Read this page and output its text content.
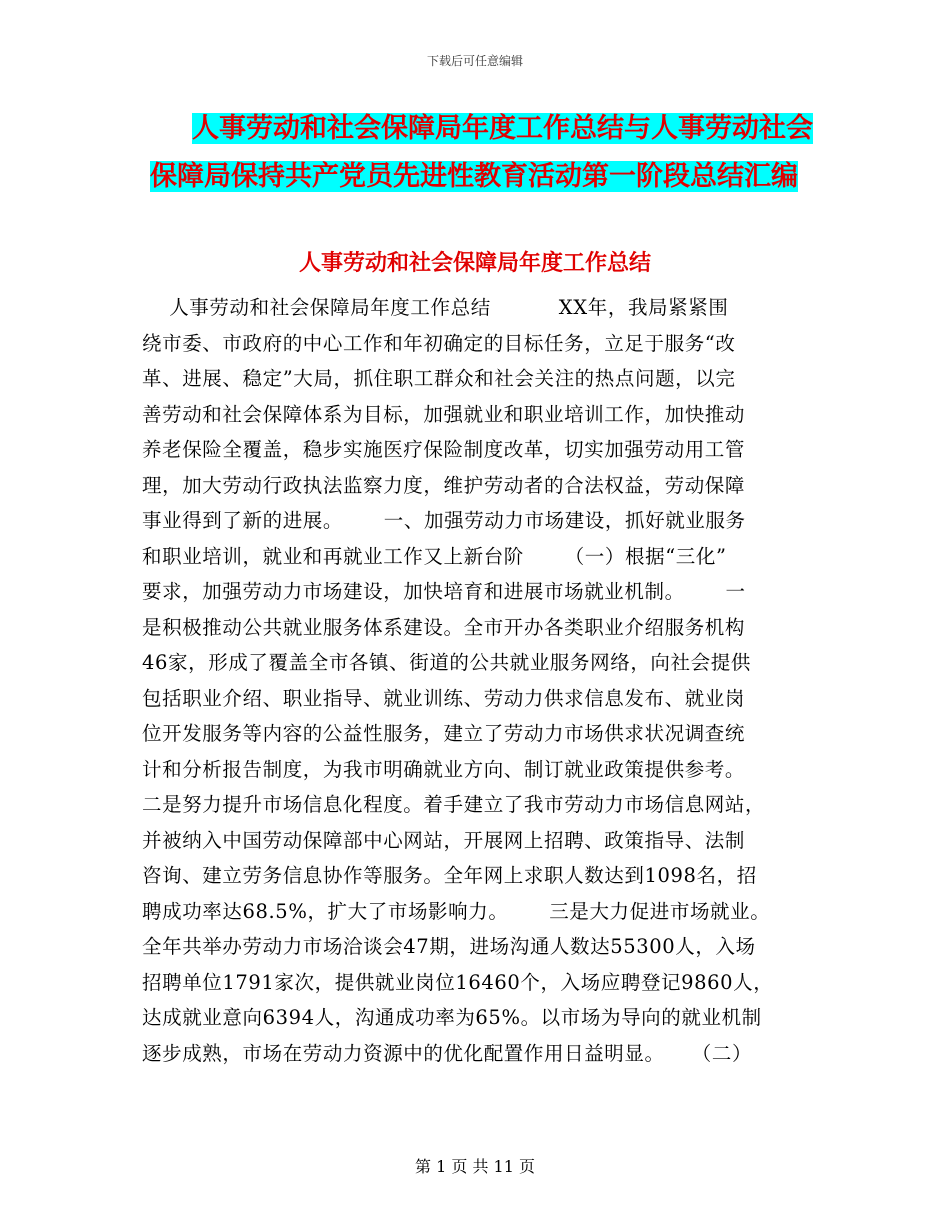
下载后可任意编辑
人事劳动和社会保障局年度工作总结与人事劳动社会
保障局保持共产党员先进性教育活动第一阶段总结汇编
人事劳动和社会保障局年度工作总结
人事劳动和社会保障局年度工作总结          XX年，我局紧紧围
绕市委、市政府的中心工作和年初确定的目标任务，立足于服务“改
革、进展、稳定”大局，抓住职工群众和社会关注的热点问题，以完
善劳动和社会保障体系为目标，加强就业和职业培训工作，加快推动
养老保险全覆盖，稳步实施医疗保险制度改革，切实加强劳动用工管
理，加大劳动行政执法监察力度，维护劳动者的合法权益，劳动保障
事业得到了新的进展。      一、加强劳动力市场建设，抓好就业服务
和职业培训，就业和再就业工作又上新台阶      （一）根据“三化”
要求，加强劳动力市场建设，加快培育和进展市场就业机制。      一
是积极推动公共就业服务体系建设。全市开办各类职业介绍服务机构
46家，形成了覆盖全市各镇、街道的公共就业服务网络，向社会提供
包括职业介绍、职业指导、就业训练、劳动力供求信息发布、就业岗
位开发服务等内容的公益性服务，建立了劳动力市场供求状况调查统
计和分析报告制度，为我市明确就业方向、制订就业政策提供参考。
二是努力提升市场信息化程度。着手建立了我市劳动力市场信息网站，
并被纳入中国劳动保障部中心网站，开展网上招聘、政策指导、法制
咨询、建立劳务信息协作等服务。全年网上求职人数达到1098名，招
聘成功率达68.5%，扩大了市场影响力。      三是大力促进市场就业。
全年共举办劳动力市场洽谈会47期，进场沟通人数达55300人，入场
招聘单位1791家次，提供就业岗位16460个，入场应聘登记9860人，
达成就业意向6394人，沟通成功率为65%。以市场为导向的就业机制
逐步成熟，市场在劳动力资源中的优化配置作用日益明显。    （二）
第 1 页 共 11 页
